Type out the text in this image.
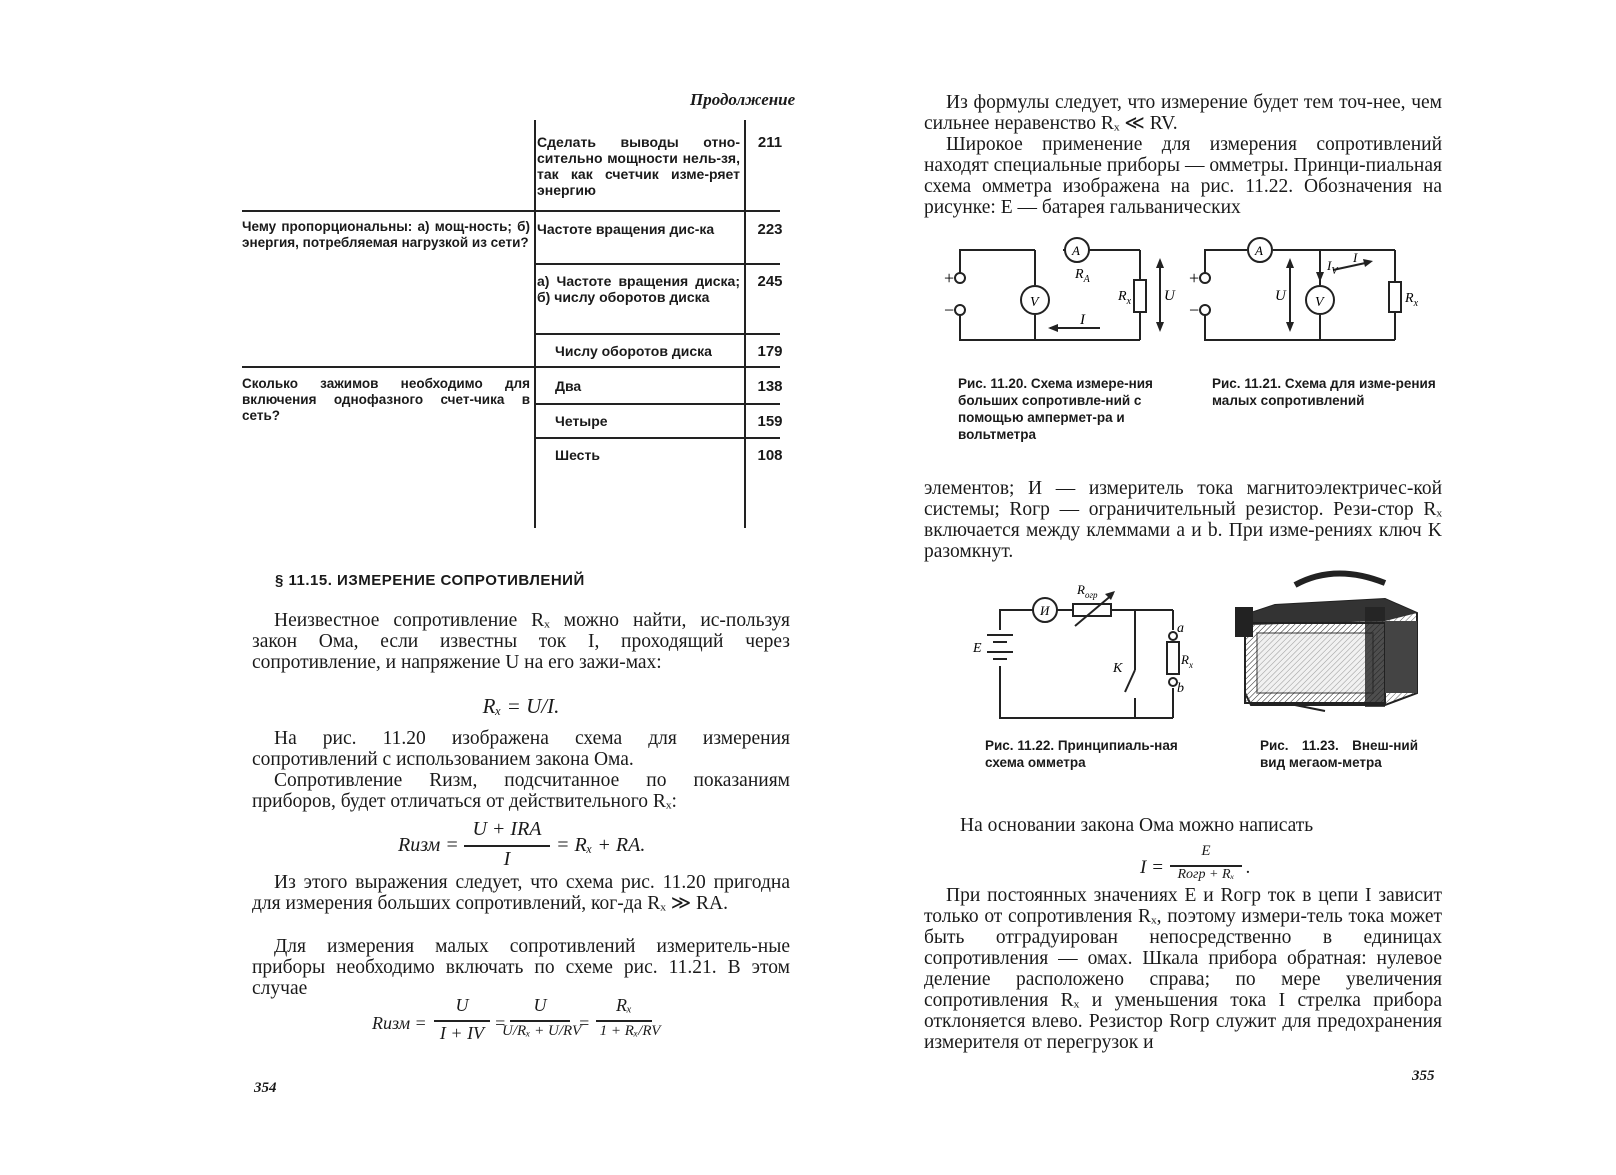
Продолжение
Чему пропорциональны: а) мощ-ность; б) энергия, потребляемая нагрузкой из сети?
Сколько зажимов необходимо для включения однофазного счет-чика в сеть?
Сделать выводы отно-сительно мощности нель-зя, так как счетчик изме-ряет энергию
Частоте вращения дис-ка
а) Частоте вращения диска; б) числу оборотов диска
Числу оборотов диска
Два
Четыре
Шесть
211
223
245
179
138
159
108
§ 11.15. ИЗМЕРЕНИЕ СОПРОТИВЛЕНИЙ
Неизвестное сопротивление Rₓ можно найти, ис-пользуя закон Ома, если известны ток I, проходящий через сопротивление, и напряжение U на его зажи-мах:
Rₓ = U/I.
На рис. 11.20 изображена схема для измерения сопротивлений с использованием закона Ома.
Сопротивление Rизм, подсчитанное по показаниям приборов, будет отличаться от действительного Rₓ:
Rизм =
U + IRA
I
= Rₓ + RA.
Из этого выражения следует, что схема рис. 11.20 пригодна для измерения больших сопротивлений, ког-да Rₓ ≫ RA.
Для измерения малых сопротивлений измеритель-ные приборы необходимо включать по схеме рис. 11.21. В этом случае
Rизм =
U
I + IV =
U
U/Rₓ + U/RV
=
Rₓ
1 + Rₓ/RV
354
Из формулы следует, что измерение будет тем точ-нее, чем сильнее неравенство Rₓ ≪ RV.
Широкое применение для измерения сопротивлений находят специальные приборы — омметры. Принци-пиальная схема омметра изображена на рис. 11.22. Обозначения на рисунке: E — батарея гальванических
+
−	V
A
$R_A$
$R_x$ U
I
+
−	V
A
U
$I_V$
I
$R_x$
Рис. 11.20. Схема измере-ния больших сопротивле-ний с помощью ампермет-ра и вольтметра
Рис. 11.21. Схема для изме-рения малых сопротивлений
элементов; И — измеритель тока магнитоэлектричес-кой системы; Rогр — ограничительный резистор. Рези-стор Rₓ включается между клеммами a и b. При изме-рениях ключ K разомкнут.
И
$R_{огр}$
E
K
a
b
$R_x$
Рис. 11.22. Принципиаль-ная схема омметра
Рис. 11.23. Внеш-ний вид мегаом-метра
На основании закона Ома можно написать
I =
E
Rогр + Rₓ .
При постоянных значениях E и Rогр ток в цепи I зависит только от сопротивления Rₓ, поэтому измери-тель тока может быть отградуирован непосредственно в единицах сопротивления — омах. Шкала прибора обратная: нулевое деление расположено справа; по мере увеличения сопротивления Rₓ и уменьшения тока I стрелка прибора отклоняется влево. Резистор Rогр служит для предохранения измерителя от перегрузок и
355
